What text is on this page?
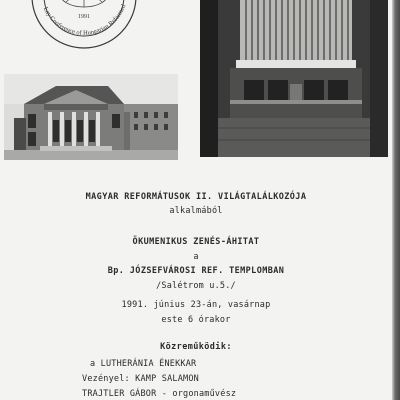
1991
Lay Conference of Hungarian Reformed
MAGYAR REFORMÁTUSOK II. VILÁGTALÁLKOZÓJA
alkalmából
ÖKUMENIKUS ZENÉS-ÁHITAT
a
Bp. JÓZSEFVÁROSI REF. TEMPLOMBAN
/Salétrom u.5./
1991. június 23-án, vasárnap
este 6 órakor
Közreműködik:
a LUTHERÁNIA ÉNEKKAR
Vezényel: KAMP SALAMON
TRAJTLER GÁBOR - orgonaművész
